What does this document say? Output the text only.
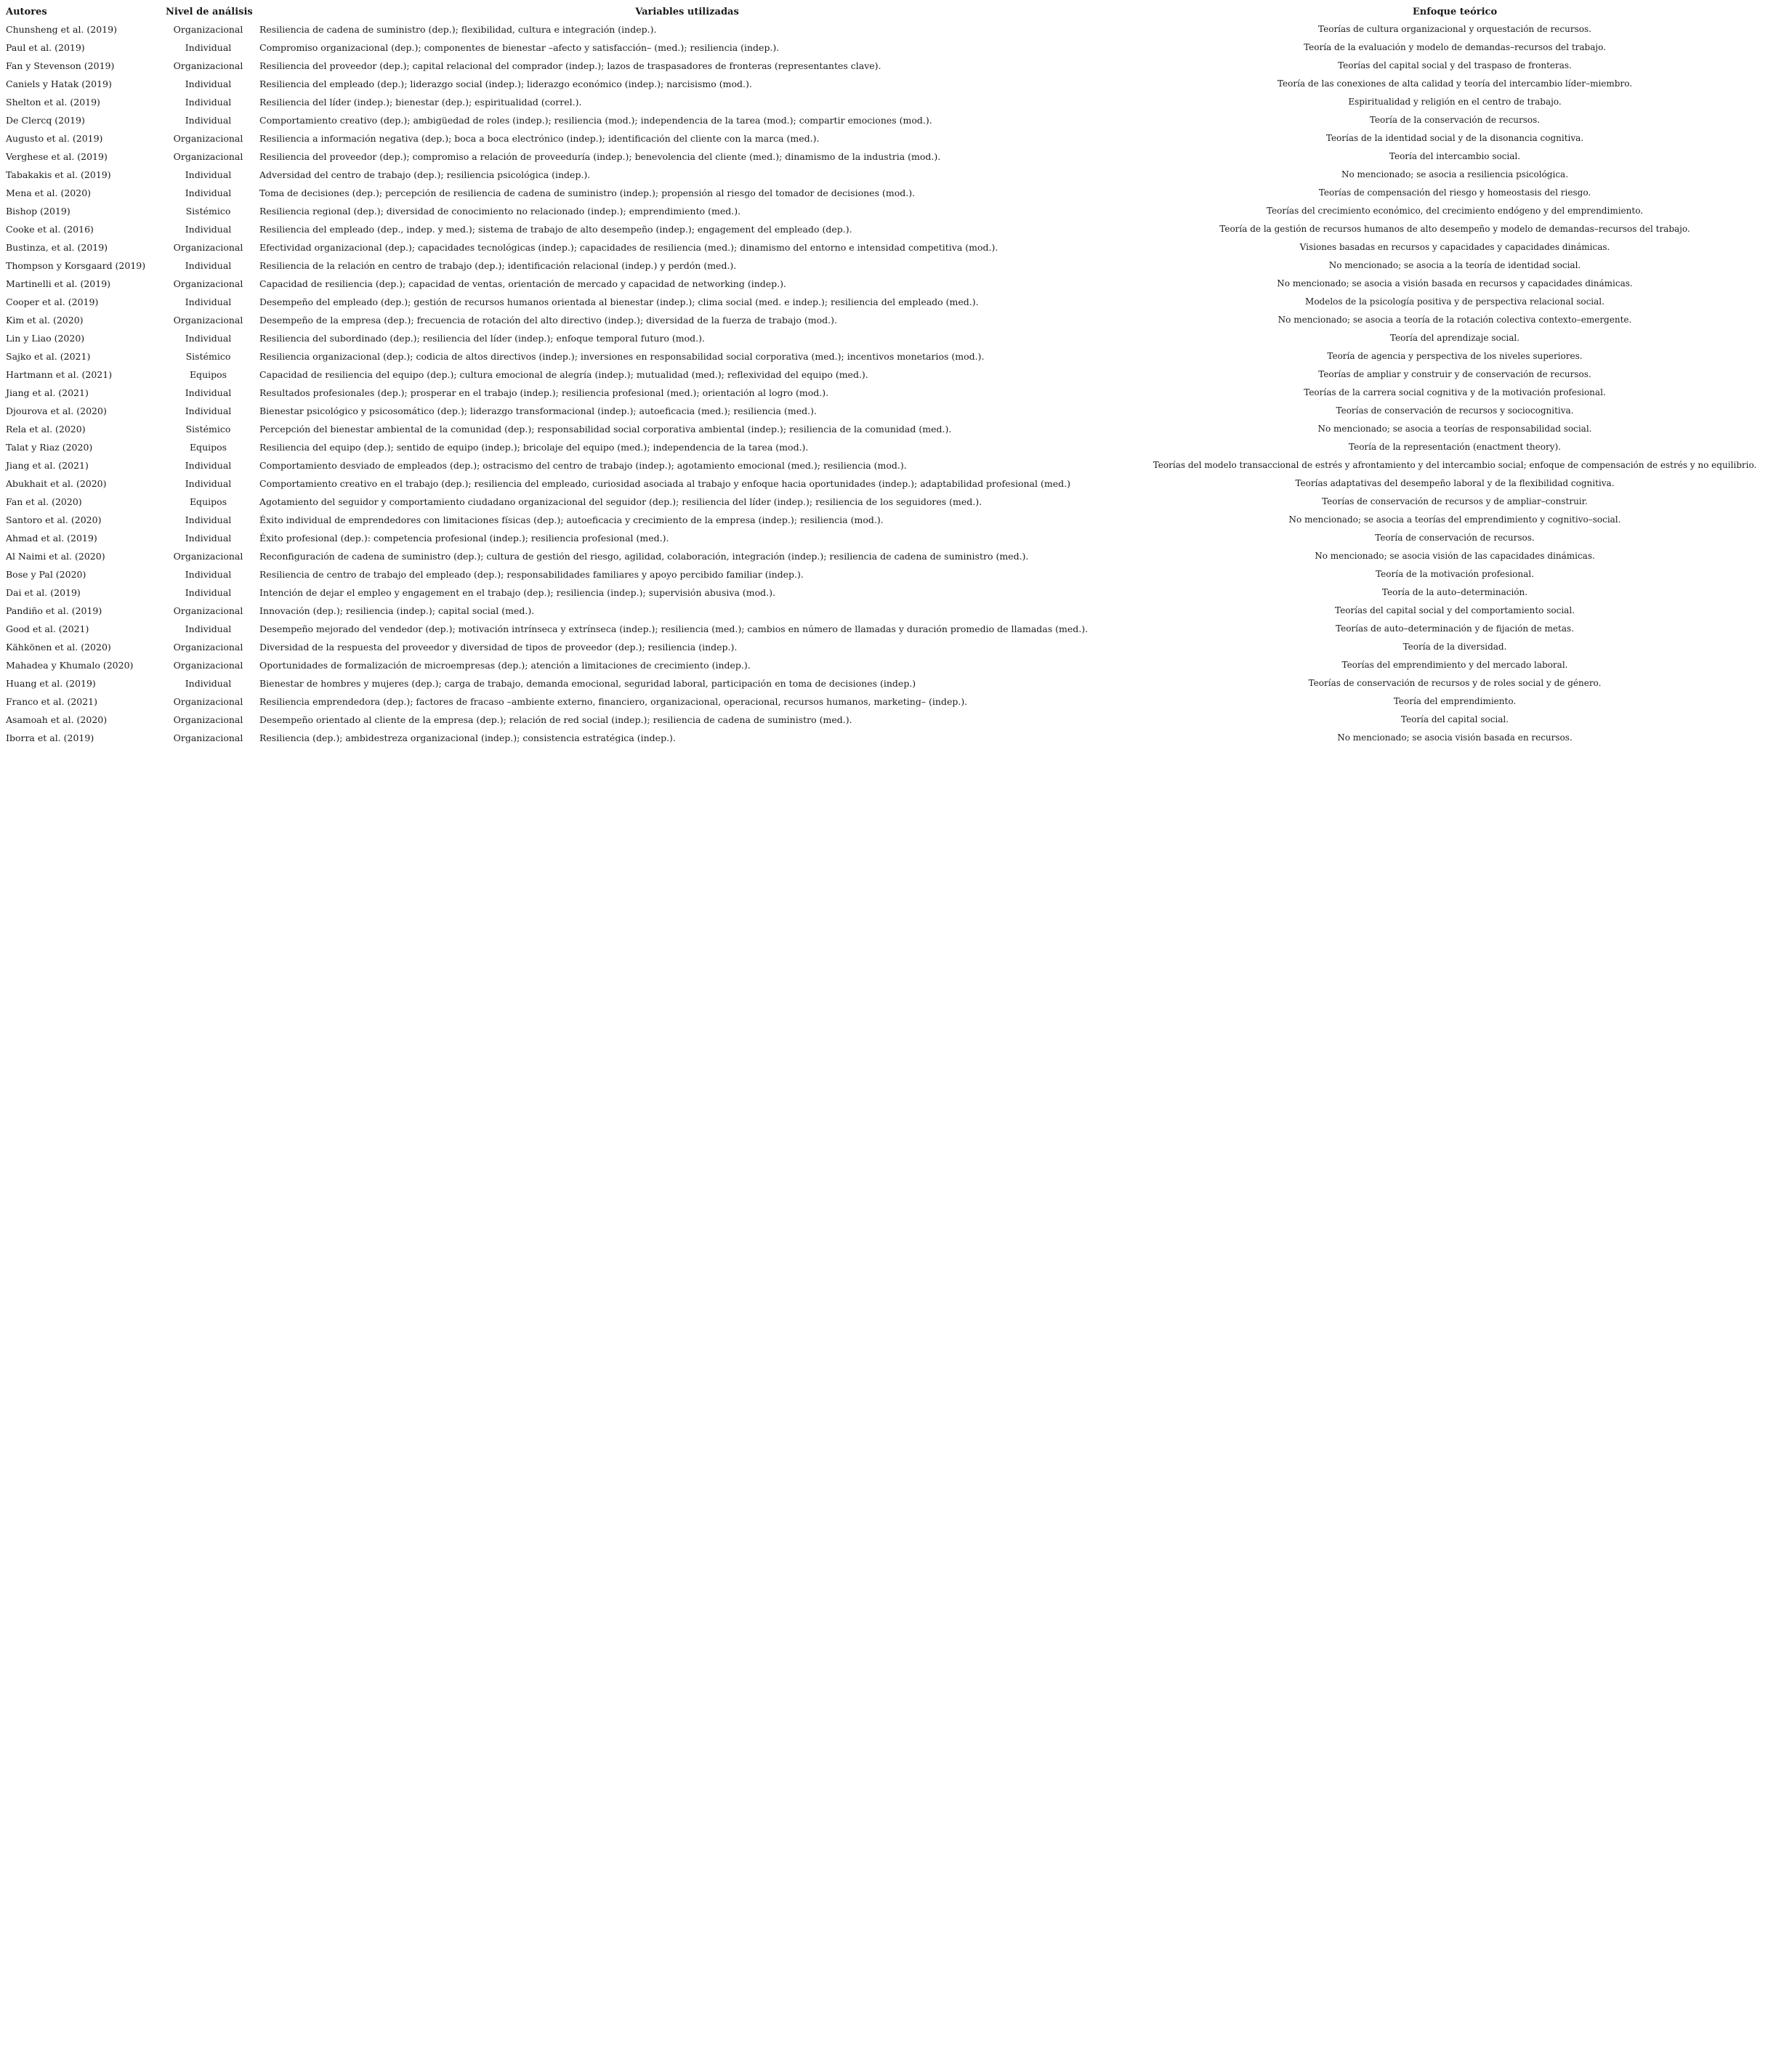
Autores	Nivel de análisis	Variables utilizadas	Enfoque teórico
Chunsheng et al. (2019)	Organizacional	Resiliencia de cadena de suministro (dep.); flexibilidad, cultura e integración (indep.).	Teorías de cultura organizacional y orquestación de recursos.
Paul et al. (2019)	Individual	Compromiso organizacional (dep.); componentes de bienestar –afecto y satisfacción– (med.); resiliencia (indep.).	Teoría de la evaluación y modelo de demandas–recursos del trabajo.
Fan y Stevenson (2019)	Organizacional	Resiliencia del proveedor (dep.); capital relacional del comprador (indep.); lazos de traspasadores de fronteras (representantes clave).	Teorías del capital social y del traspaso de fronteras.
Caniels y Hatak (2019)	Individual	Resiliencia del empleado (dep.); liderazgo social (indep.); liderazgo económico (indep.); narcisismo (mod.).	Teoría de las conexiones de alta calidad y teoría del intercambio líder–miembro.
Shelton et al. (2019)	Individual	Resiliencia del líder (indep.); bienestar (dep.); espiritualidad (correl.).	Espiritualidad y religión en el centro de trabajo.
De Clercq (2019)	Individual	Comportamiento creativo (dep.); ambigüedad de roles (indep.); resiliencia (mod.); independencia de la tarea (mod.); compartir emociones (mod.).	Teoría de la conservación de recursos.
Augusto et al. (2019)	Organizacional	Resiliencia a información negativa (dep.); boca a boca electrónico (indep.); identificación del cliente con la marca (med.).	Teorías de la identidad social y de la disonancia cognitiva.
Verghese et al. (2019)	Organizacional	Resiliencia del proveedor (dep.); compromiso a relación de proveeduría (indep.); benevolencia del cliente (med.); dinamismo de la industria (mod.).	Teoría del intercambio social.
Tabakakis et al. (2019)	Individual	Adversidad del centro de trabajo (dep.); resiliencia psicológica (indep.).	No mencionado; se asocia a resiliencia psicológica.
Mena et al. (2020)	Individual	Toma de decisiones (dep.); percepción de resiliencia de cadena de suministro (indep.); propensión al riesgo del tomador de decisiones (mod.).	Teorías de compensación del riesgo y homeostasis del riesgo.
Bishop (2019)	Sistémico	Resiliencia regional (dep.); diversidad de conocimiento no relacionado (indep.); emprendimiento (med.).	Teorías del crecimiento económico, del crecimiento endógeno y del emprendimiento.
Cooke et al. (2016)	Individual	Resiliencia del empleado (dep., indep. y med.); sistema de trabajo de alto desempeño (indep.); engagement del empleado (dep.).	Teoría de la gestión de recursos humanos de alto desempeño y modelo de demandas–recursos del trabajo.
Bustinza, et al. (2019)	Organizacional	Efectividad organizacional (dep.); capacidades tecnológicas (indep.); capacidades de resiliencia (med.); dinamismo del entorno e intensidad competitiva (mod.).	Visiones basadas en recursos y capacidades y capacidades dinámicas.
Thompson y Korsgaard (2019)	Individual	Resiliencia de la relación en centro de trabajo (dep.); identificación relacional (indep.) y perdón (med.).	No mencionado; se asocia a la teoría de identidad social.
Martinelli et al. (2019)	Organizacional	Capacidad de resiliencia (dep.); capacidad de ventas, orientación de mercado y capacidad de networking (indep.).	No mencionado; se asocia a visión basada en recursos y capacidades dinámicas.
Cooper et al. (2019)	Individual	Desempeño del empleado (dep.); gestión de recursos humanos orientada al bienestar (indep.); clima social (med. e indep.); resiliencia del empleado (med.).	Modelos de la psicología positiva y de perspectiva relacional social.
Kim et al. (2020)	Organizacional	Desempeño de la empresa (dep.); frecuencia de rotación del alto directivo (indep.); diversidad de la fuerza de trabajo (mod.).	No mencionado; se asocia a teoría de la rotación colectiva contexto–emergente.
Lin y Liao (2020)	Individual	Resiliencia del subordinado (dep.); resiliencia del líder (indep.); enfoque temporal futuro (mod.).	Teoría del aprendizaje social.
Sajko et al. (2021)	Sistémico	Resiliencia organizacional (dep.); codicia de altos directivos (indep.); inversiones en responsabilidad social corporativa (med.); incentivos monetarios (mod.).	Teoría de agencia y perspectiva de los niveles superiores.
Hartmann et al. (2021)	Equipos	Capacidad de resiliencia del equipo (dep.); cultura emocional de alegría (indep.); mutualidad (med.); reflexividad del equipo (med.).	Teorías de ampliar y construir y de conservación de recursos.
Jiang et al. (2021)	Individual	Resultados profesionales (dep.); prosperar en el trabajo (indep.); resiliencia profesional (med.); orientación al logro (mod.).	Teorías de la carrera social cognitiva y de la motivación profesional.
Djourova et al. (2020)	Individual	Bienestar psicológico y psicosomático (dep.); liderazgo transformacional (indep.); autoeficacia (med.); resiliencia (med.).	Teorías de conservación de recursos y sociocognitiva.
Rela et al. (2020)	Sistémico	Percepción del bienestar ambiental de la comunidad (dep.); responsabilidad social corporativa ambiental (indep.); resiliencia de la comunidad (med.).	No mencionado; se asocia a teorías de responsabilidad social.
Talat y Riaz (2020)	Equipos	Resiliencia del equipo (dep.); sentido de equipo (indep.); bricolaje del equipo (med.); independencia de la tarea (mod.).	Teoría de la representación (enactment theory).
Jiang et al. (2021)	Individual	Comportamiento desviado de empleados (dep.); ostracismo del centro de trabajo (indep.); agotamiento emocional (med.); resiliencia (mod.).	Teorías del modelo transaccional de estrés y afrontamiento y del intercambio social; enfoque de compensación de estrés y no equilibrio.
Abukhait et al. (2020)	Individual	Comportamiento creativo en el trabajo (dep.); resiliencia del empleado, curiosidad asociada al trabajo y enfoque hacia oportunidades (indep.); adaptabilidad profesional (med.)	Teorías adaptativas del desempeño laboral y de la flexibilidad cognitiva.
Fan et al. (2020)	Equipos	Agotamiento del seguidor y comportamiento ciudadano organizacional del seguidor (dep.); resiliencia del líder (indep.); resiliencia de los seguidores (med.).	Teorías de conservación de recursos y de ampliar–construir.
Santoro et al. (2020)	Individual	Éxito individual de emprendedores con limitaciones físicas (dep.); autoeficacia y crecimiento de la empresa (indep.); resiliencia (mod.).	No mencionado; se asocia a teorías del emprendimiento y cognitivo–social.
Ahmad et al. (2019)	Individual	Éxito profesional (dep.): competencia profesional (indep.); resiliencia profesional (med.).	Teoría de conservación de recursos.
Al Naimi et al. (2020)	Organizacional	Reconfiguración de cadena de suministro (dep.); cultura de gestión del riesgo, agilidad, colaboración, integración (indep.); resiliencia de cadena de suministro (med.).	No mencionado; se asocia visión de las capacidades dinámicas.
Bose y Pal (2020)	Individual	Resiliencia de centro de trabajo del empleado (dep.); responsabilidades familiares y apoyo percibido familiar (indep.).	Teoría de la motivación profesional.
Dai et al. (2019)	Individual	Intención de dejar el empleo y engagement en el trabajo (dep.); resiliencia (indep.); supervisión abusiva (mod.).	Teoría de la auto–determinación.
Pandiño et al. (2019)	Organizacional	Innovación (dep.); resiliencia (indep.); capital social (med.).	Teorías del capital social y del comportamiento social.
Good et al. (2021)	Individual	Desempeño mejorado del vendedor (dep.); motivación intrínseca y extrínseca (indep.); resiliencia (med.); cambios en número de llamadas y duración promedio de llamadas (med.).	Teorías de auto–determinación y de fijación de metas.
Kähkönen et al. (2020)	Organizacional	Diversidad de la respuesta del proveedor y diversidad de tipos de proveedor (dep.); resiliencia (indep.).	Teoría de la diversidad.
Mahadea y Khumalo (2020)	Organizacional	Oportunidades de formalización de microempresas (dep.); atención a limitaciones de crecimiento (indep.).	Teorías del emprendimiento y del mercado laboral.
Huang et al. (2019)	Individual	Bienestar de hombres y mujeres (dep.); carga de trabajo, demanda emocional, seguridad laboral, participación en toma de decisiones (indep.)	Teorías de conservación de recursos y de roles social y de género.
Franco et al. (2021)	Organizacional	Resiliencia emprendedora (dep.); factores de fracaso –ambiente externo, financiero, organizacional, operacional, recursos humanos, marketing– (indep.).	Teoría del emprendimiento.
Asamoah et al. (2020)	Organizacional	Desempeño orientado al cliente de la empresa (dep.); relación de red social (indep.); resiliencia de cadena de suministro (med.).	Teoría del capital social.
Iborra et al. (2019)	Organizacional	Resiliencia (dep.); ambidestreza organizacional (indep.); consistencia estratégica (indep.).	No mencionado; se asocia visión basada en recursos.
